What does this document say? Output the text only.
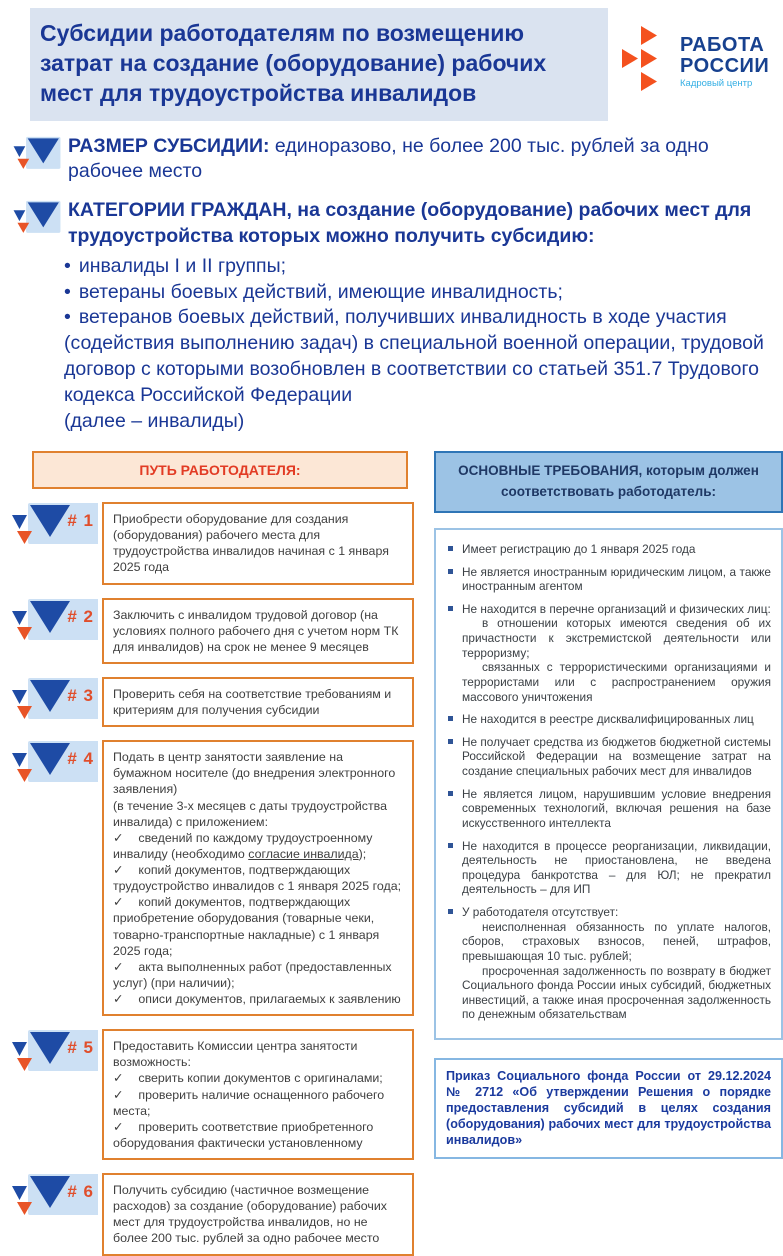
Субсидии работодателям по возмещению затрат на создание (оборудование) рабочих мест для трудоустройства инвалидов
РАБОТА
РОССИИ
Кадровый центр
РАЗМЕР СУБСИДИИ: единоразово, не более 200 тыс. рублей за одно рабочее место
КАТЕГОРИИ ГРАЖДАН, на создание (оборудование) рабочих мест для трудоустройства которых можно получить субсидию:
• инвалиды I и II группы;
• ветераны боевых действий, имеющие инвалидность;
• ветеранов боевых действий, получивших инвалидность в ходе участия (содействия выполнению задач) в специальной военной операции, трудовой договор с которыми возобновлен в соответствии со статьей 351.7 Трудового кодекса Российской Федерации
(далее – инвалиды)
ПУТЬ РАБОТОДАТЕЛЯ:
# 1 Приобрести оборудование для создания (оборудования) рабочего места для трудоустройства инвалидов начиная с 1 января 2025 года
# 2 Заключить с инвалидом трудовой договор (на условиях полного рабочего дня с учетом норм ТК для инвалидов) на срок не менее 9 месяцев
# 3 Проверить себя на соответствие требованиям и критериям для получения субсидии
# 4 Подать в центр занятости заявление на бумажном носителе (до внедрения электронного заявления)
(в течение 3-х месяцев с даты трудоустройства инвалида) с приложением:
✓ сведений по каждому трудоустроенному инвалиду (необходимо согласие инвалида);
✓ копий документов, подтверждающих трудоустройство инвалидов с 1 января 2025 года;
✓ копий документов, подтверждающих приобретение оборудования (товарные чеки, товарно-транспортные накладные) с 1 января 2025 года;
✓ акта выполненных работ (предоставленных услуг) (при наличии);
✓ описи документов, прилагаемых к заявлению
# 5 Предоставить Комиссии центра занятости возможность:
✓ сверить копии документов с оригиналами;
✓ проверить наличие оснащенного рабочего места;
✓ проверить соответствие приобретенного оборудования фактически установленному
# 6 Получить субсидию (частичное возмещение расходов) за создание (оборудование) рабочих мест для трудоустройства инвалидов, но не более 200 тыс. рублей за одно рабочее место
ОСНОВНЫЕ ТРЕБОВАНИЯ, которым должен соответствовать работодатель:
Имеет регистрацию до 1 января 2025 года
Не является иностранным юридическим лицом, а также иностранным агентом
Не находится в перечне организаций и физических лиц:
в отношении которых имеются сведения об их причастности к экстремистской деятельности или терроризму;
связанных с террористическими организациями и террористами или с распространением оружия массового уничтожения
Не находится в реестре дисквалифицированных лиц
Не получает средства из бюджетов бюджетной системы Российской Федерации на возмещение затрат на создание специальных рабочих мест для инвалидов
Не является лицом, нарушившим условие внедрения современных технологий, включая решения на базе искусственного интеллекта
Не находится в процессе реорганизации, ликвидации, деятельность не приостановлена, не введена процедура банкротства – для ЮЛ; не прекратил деятельность – для ИП
У работодателя отсутствует:
неисполненная обязанность по уплате налогов, сборов, страховых взносов, пеней, штрафов, превышающая 10 тыс. рублей;
просроченная задолженность по возврату в бюджет Социального фонда России иных субсидий, бюджетных инвестиций, а также иная просроченная задолженность по денежным обязательствам

Приказ Социального фонда России от 29.12.2024 № 2712 «Об утверждении Решения о порядке предоставления субсидий в целях создания (оборудования) рабочих мест для трудоустройства инвалидов»
